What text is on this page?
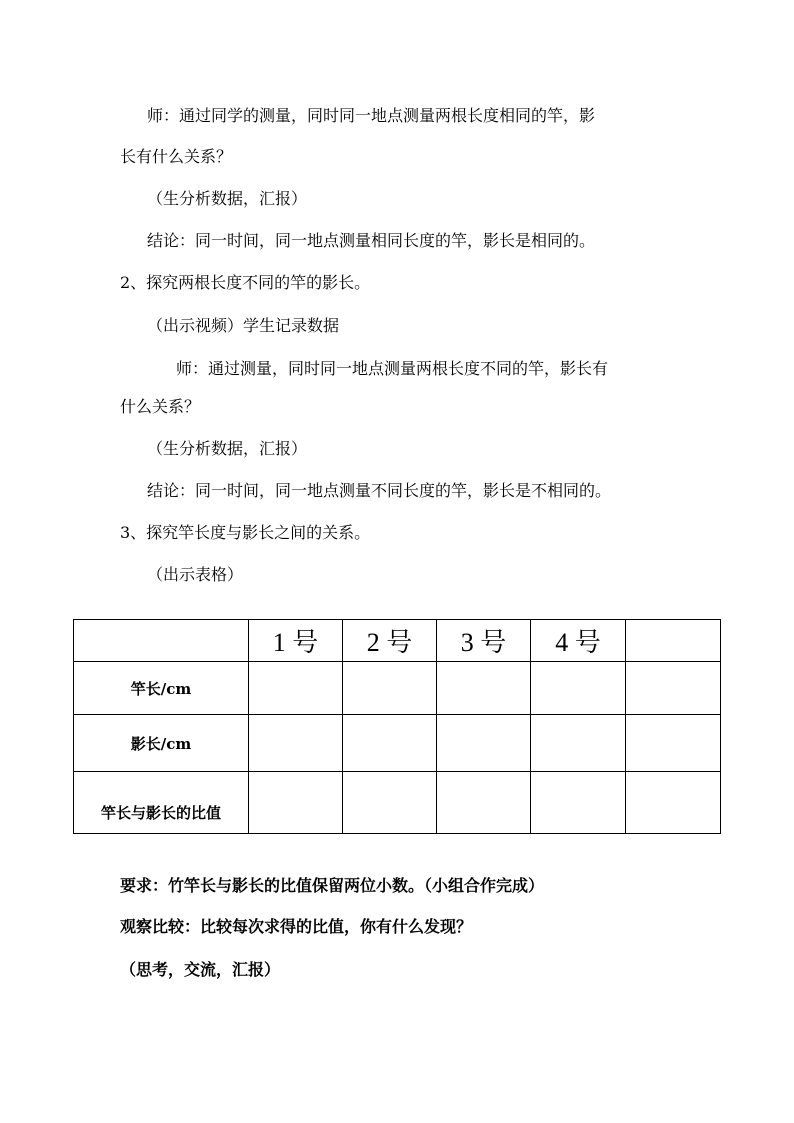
师：通过同学的测量，同时同一地点测量两根长度相同的竿，影
长有什么关系？
（生分析数据，汇报）
结论：同一时间，同一地点测量相同长度的竿，影长是相同的。
2、探究两根长度不同的竿的影长。
（出示视频）学生记录数据
师：通过测量，同时同一地点测量两根长度不同的竿，影长有
什么关系？
（生分析数据，汇报）
结论：同一时间，同一地点测量不同长度的竿，影长是不相同的。
3、探究竿长度与影长之间的关系。
（出示表格）
	1 号	2 号	3 号	4 号	
竿长/cm					
影长/cm					
竿长与影长的比值					
要求：竹竿长与影长的比值保留两位小数。（小组合作完成）
观察比较：比较每次求得的比值，你有什么发现？
（思考，交流，汇报）
